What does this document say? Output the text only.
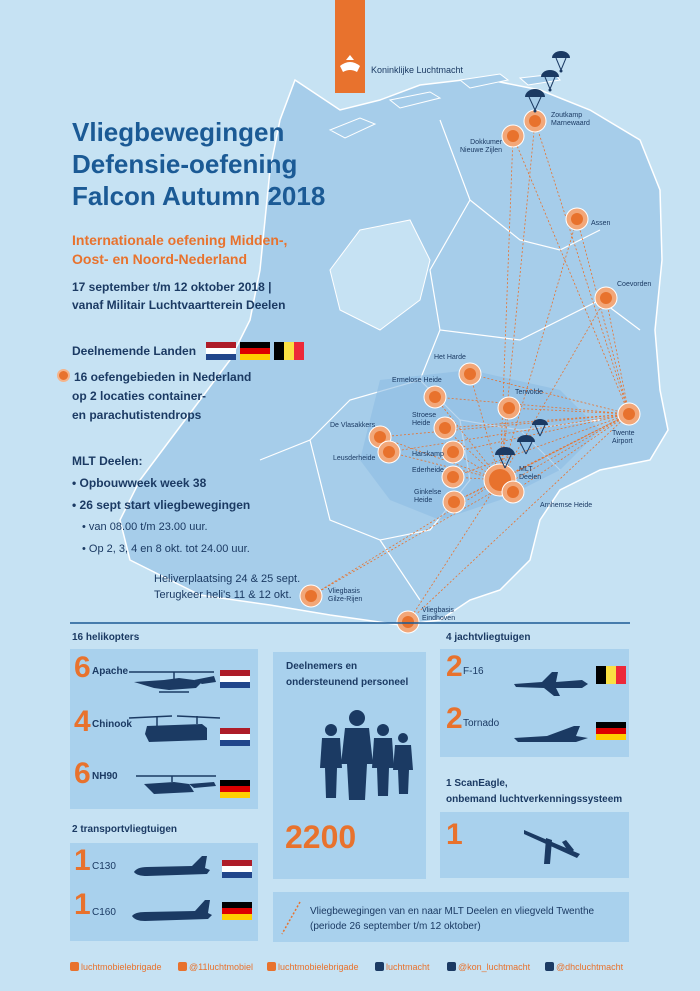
Koninklijke Luchtmacht
Vliegbewegingen
Defensie-oefening
Falcon Autumn 2018
Internationale oefening Midden-,
Oost- en Noord-Nederland
17 september t/m 12 oktober 2018 |
vanaf Militair Luchtvaartterein Deelen
Deelnemende Landen
16 oefengebieden in Nederland
op 2 locaties container-
en parachutistendrops
MLT Deelen:
• Opbouwweek week 38
• 26 sept start vliegbewegingen
• van 08.00 t/m 23.00 uur.
• Op 2, 3, 4 en 8 okt. tot 24.00 uur.
Heliverplaatsing 24 & 25 sept.
Terugkeer heli's 11 & 12 okt.
Zoutkamp
Marnewaard
Dokkumer
Nieuwe Zijlen
Assen
Coevorden
Het Harde
Ermelose Heide
Terwolde
Twente
Airport
Stroese
Heide
De Vlasakkers
Leusderheide
Harskamp
Ederheide	MLT
Deelen
Ginkelse
Heide
Arnhemse Heide
Vliegbasis
Gilze-Rijen
Vliegbasis
Eindhoven
16 helikopters
6 Apache
4 Chinook
6 NH90
2 transportvliegtuigen
1 C130
1 C160
Deelnemers en
ondersteunend personeel
2200
4 jachtvliegtuigen
2 F-16
2 Tornado
1 ScanEagle,
onbemand luchtverkenningssysteem
1
Vliegbewegingen van en naar MLT Deelen en vliegveld Twenthe
(periode 26 september t/m 12 oktober)
luchtmobielebrigade	@11luchtmobiel	luchtmobielebrigade	luchtmacht	@kon_luchtmacht	@dhcluchtmacht
